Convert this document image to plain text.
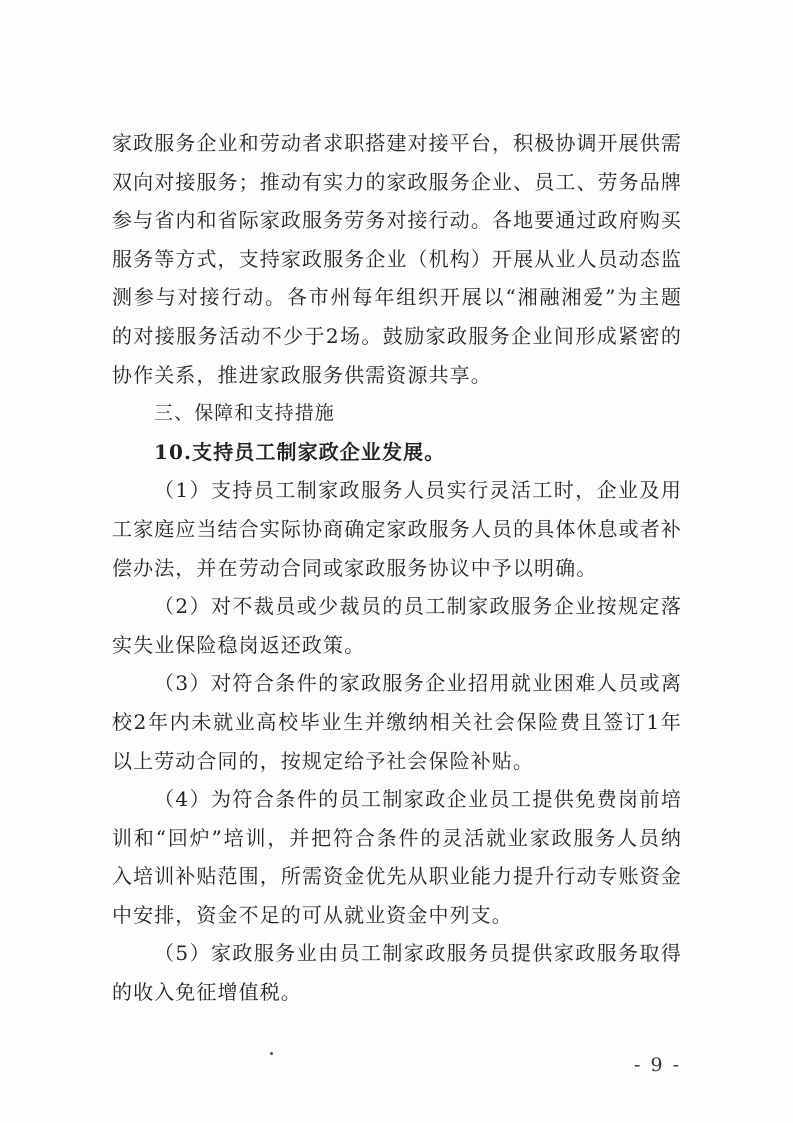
家政服务企业和劳动者求职搭建对接平台，积极协调开展供需双向对接服务；推动有实力的家政服务企业、员工、劳务品牌参与省内和省际家政服务劳务对接行动。各地要通过政府购买服务等方式，支持家政服务企业（机构）开展从业人员动态监测参与对接行动。各市州每年组织开展以“湘融湘爱”为主题的对接服务活动不少于2场。鼓励家政服务企业间形成紧密的协作关系，推进家政服务供需资源共享。

三、保障和支持措施

10.支持员工制家政企业发展。

（1）支持员工制家政服务人员实行灵活工时，企业及用工家庭应当结合实际协商确定家政服务人员的具体休息或者补偿办法，并在劳动合同或家政服务协议中予以明确。

（2）对不裁员或少裁员的员工制家政服务企业按规定落实失业保险稳岗返还政策。

（3）对符合条件的家政服务企业招用就业困难人员或离校2年内未就业高校毕业生并缴纳相关社会保险费且签订1年以上劳动合同的，按规定给予社会保险补贴。

（4）为符合条件的员工制家政企业员工提供免费岗前培训和“回炉”培训，并把符合条件的灵活就业家政服务人员纳入培训补贴范围，所需资金优先从职业能力提升行动专账资金中安排，资金不足的可从就业资金中列支。

（5）家政服务业由员工制家政服务员提供家政服务取得的收入免征增值税。

- 9 -
